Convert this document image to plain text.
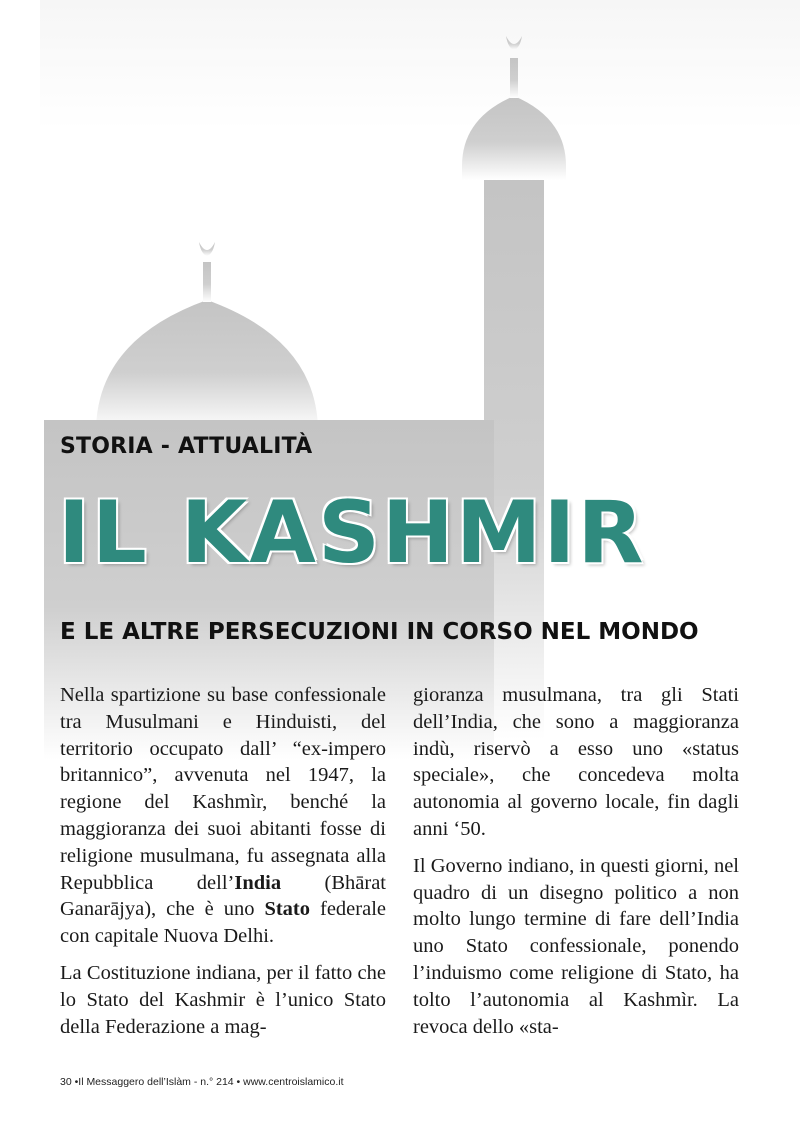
STORIA - ATTUALITÀ
IL KASHMIR
E LE ALTRE PERSECUZIONI IN CORSO NEL MONDO

Nella spartizione su base confessionale tra Musulmani e Hinduisti, del territorio occupato dall’ “ex-impero britannico”, avvenuta nel 1947, la regione del Kashmìr, benché la maggioranza dei suoi abitanti fosse di religione musulmana, fu assegnata alla Repubblica dell’India (Bhārat Ganarājya), che è uno Stato federale con capitale Nuova Delhi.

La Costituzione indiana, per il fatto che lo Stato del Kashmir è l’unico Stato della Federazione a mag-

gioranza musulmana, tra gli Stati dell’India, che sono a maggioranza indù, riservò a esso uno «status speciale», che concedeva molta autonomia al governo locale, fin dagli anni ‘50.

Il Governo indiano, in questi giorni, nel quadro di un disegno politico a non molto lungo termine di fare dell’India uno Stato confessionale, ponendo l’induismo come religione di Stato, ha tolto l’autonomia al Kashmìr. La revoca dello «sta-

30 •Il Messaggero dell’Islàm - n.° 214 • www.centroislamico.it
